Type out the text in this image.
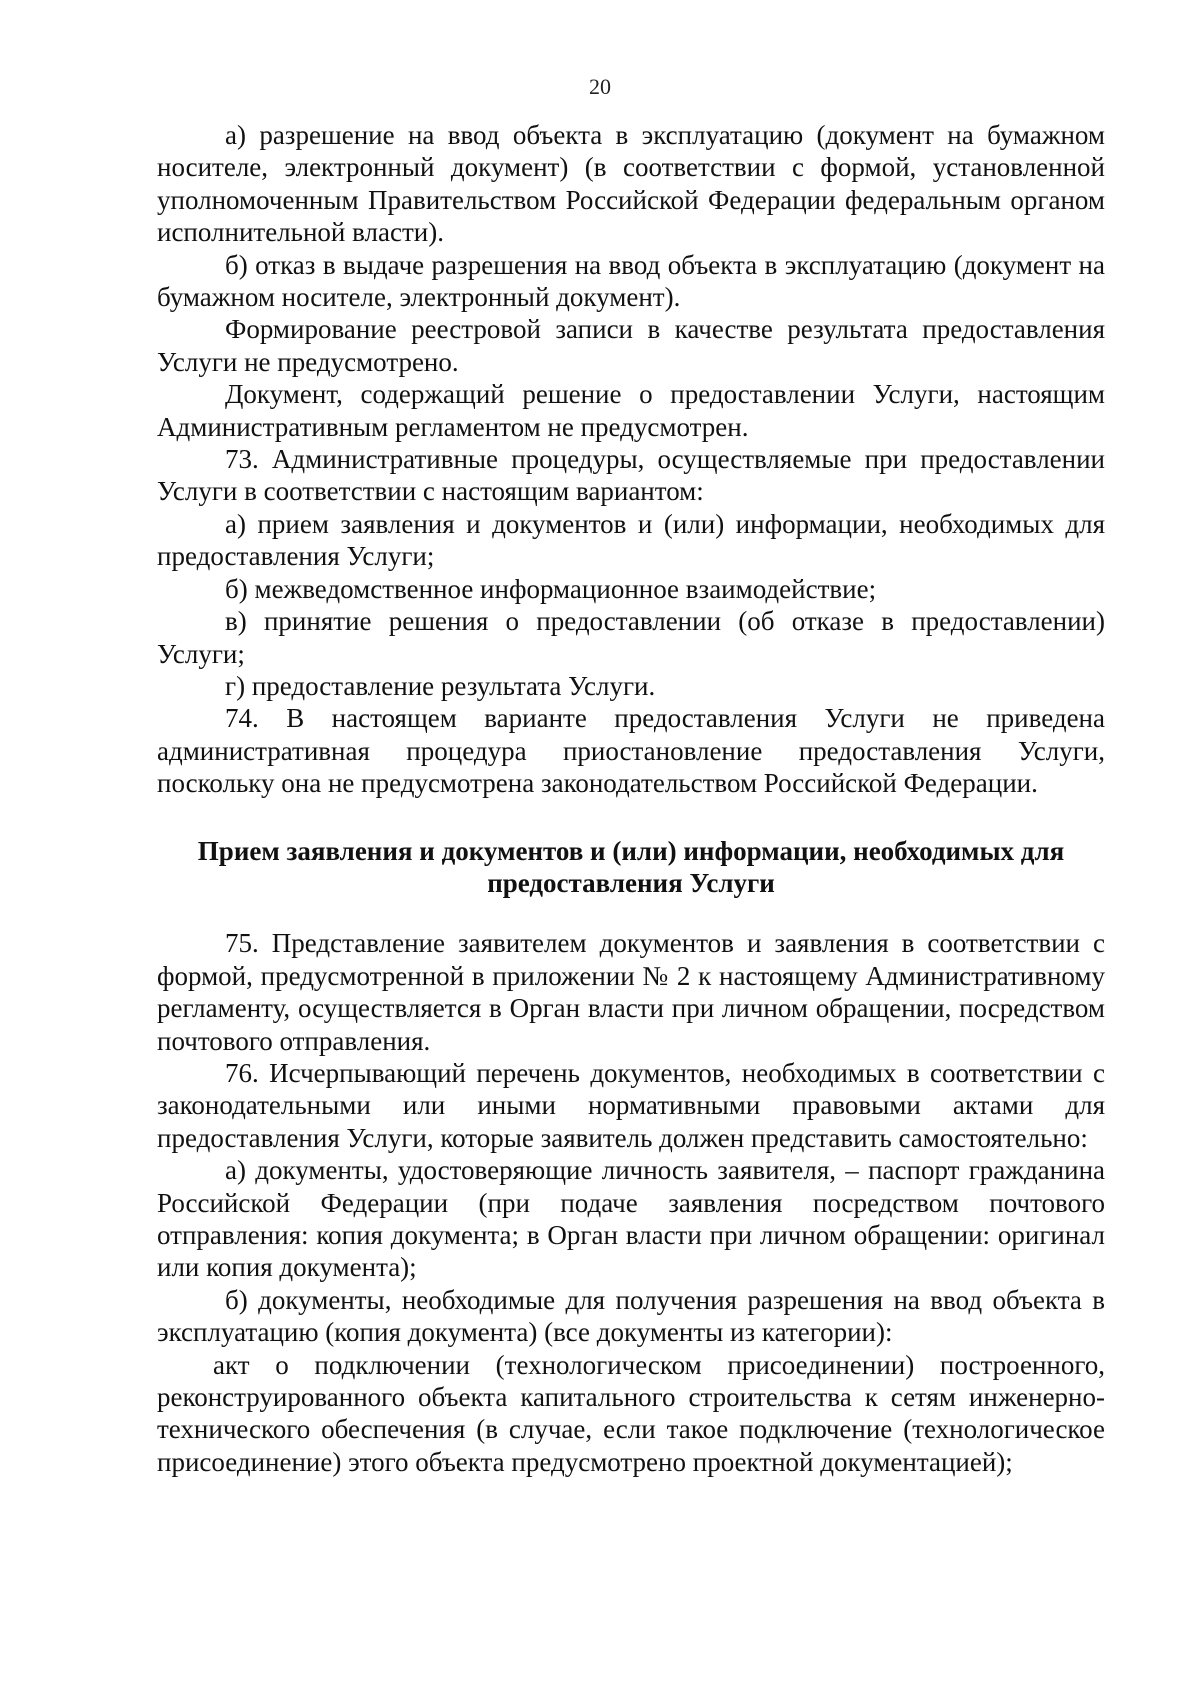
20

а) разрешение на ввод объекта в эксплуатацию (документ на бумажном носителе, электронный документ) (в соответствии с формой, установленной уполномоченным Правительством Российской Федерации федеральным органом исполнительной власти).

б) отказ в выдаче разрешения на ввод объекта в эксплуатацию (документ на бумажном носителе, электронный документ).

Формирование реестровой записи в качестве результата предоставления Услуги не предусмотрено.

Документ, содержащий решение о предоставлении Услуги, настоящим Административным регламентом не предусмотрен.

73. Административные процедуры, осуществляемые при предоставлении Услуги в соответствии с настоящим вариантом:

а) прием заявления и документов и (или) информации, необходимых для предоставления Услуги;

б) межведомственное информационное взаимодействие;

в) принятие решения о предоставлении (об отказе в предоставлении) Услуги;

г) предоставление результата Услуги.

74. В настоящем варианте предоставления Услуги не приведена административная процедура приостановление предоставления Услуги, поскольку она не предусмотрена законодательством Российской Федерации.

Прием заявления и документов и (или) информации, необходимых для предоставления Услуги

75. Представление заявителем документов и заявления в соответствии с формой, предусмотренной в приложении № 2 к настоящему Административному регламенту, осуществляется в Орган власти при личном обращении, посредством почтового отправления.

76. Исчерпывающий перечень документов, необходимых в соответствии с законодательными или иными нормативными правовыми актами для предоставления Услуги, которые заявитель должен представить самостоятельно:

а) документы, удостоверяющие личность заявителя, – паспорт гражданина Российской Федерации (при подаче заявления посредством почтового отправления: копия документа; в Орган власти при личном обращении: оригинал или копия документа);

б) документы, необходимые для получения разрешения на ввод объекта в эксплуатацию (копия документа) (все документы из категории):

акт о подключении (технологическом присоединении) построенного, реконструированного объекта капитального строительства к сетям инженерно-технического обеспечения (в случае, если такое подключение (технологическое присоединение) этого объекта предусмотрено проектной документацией);
